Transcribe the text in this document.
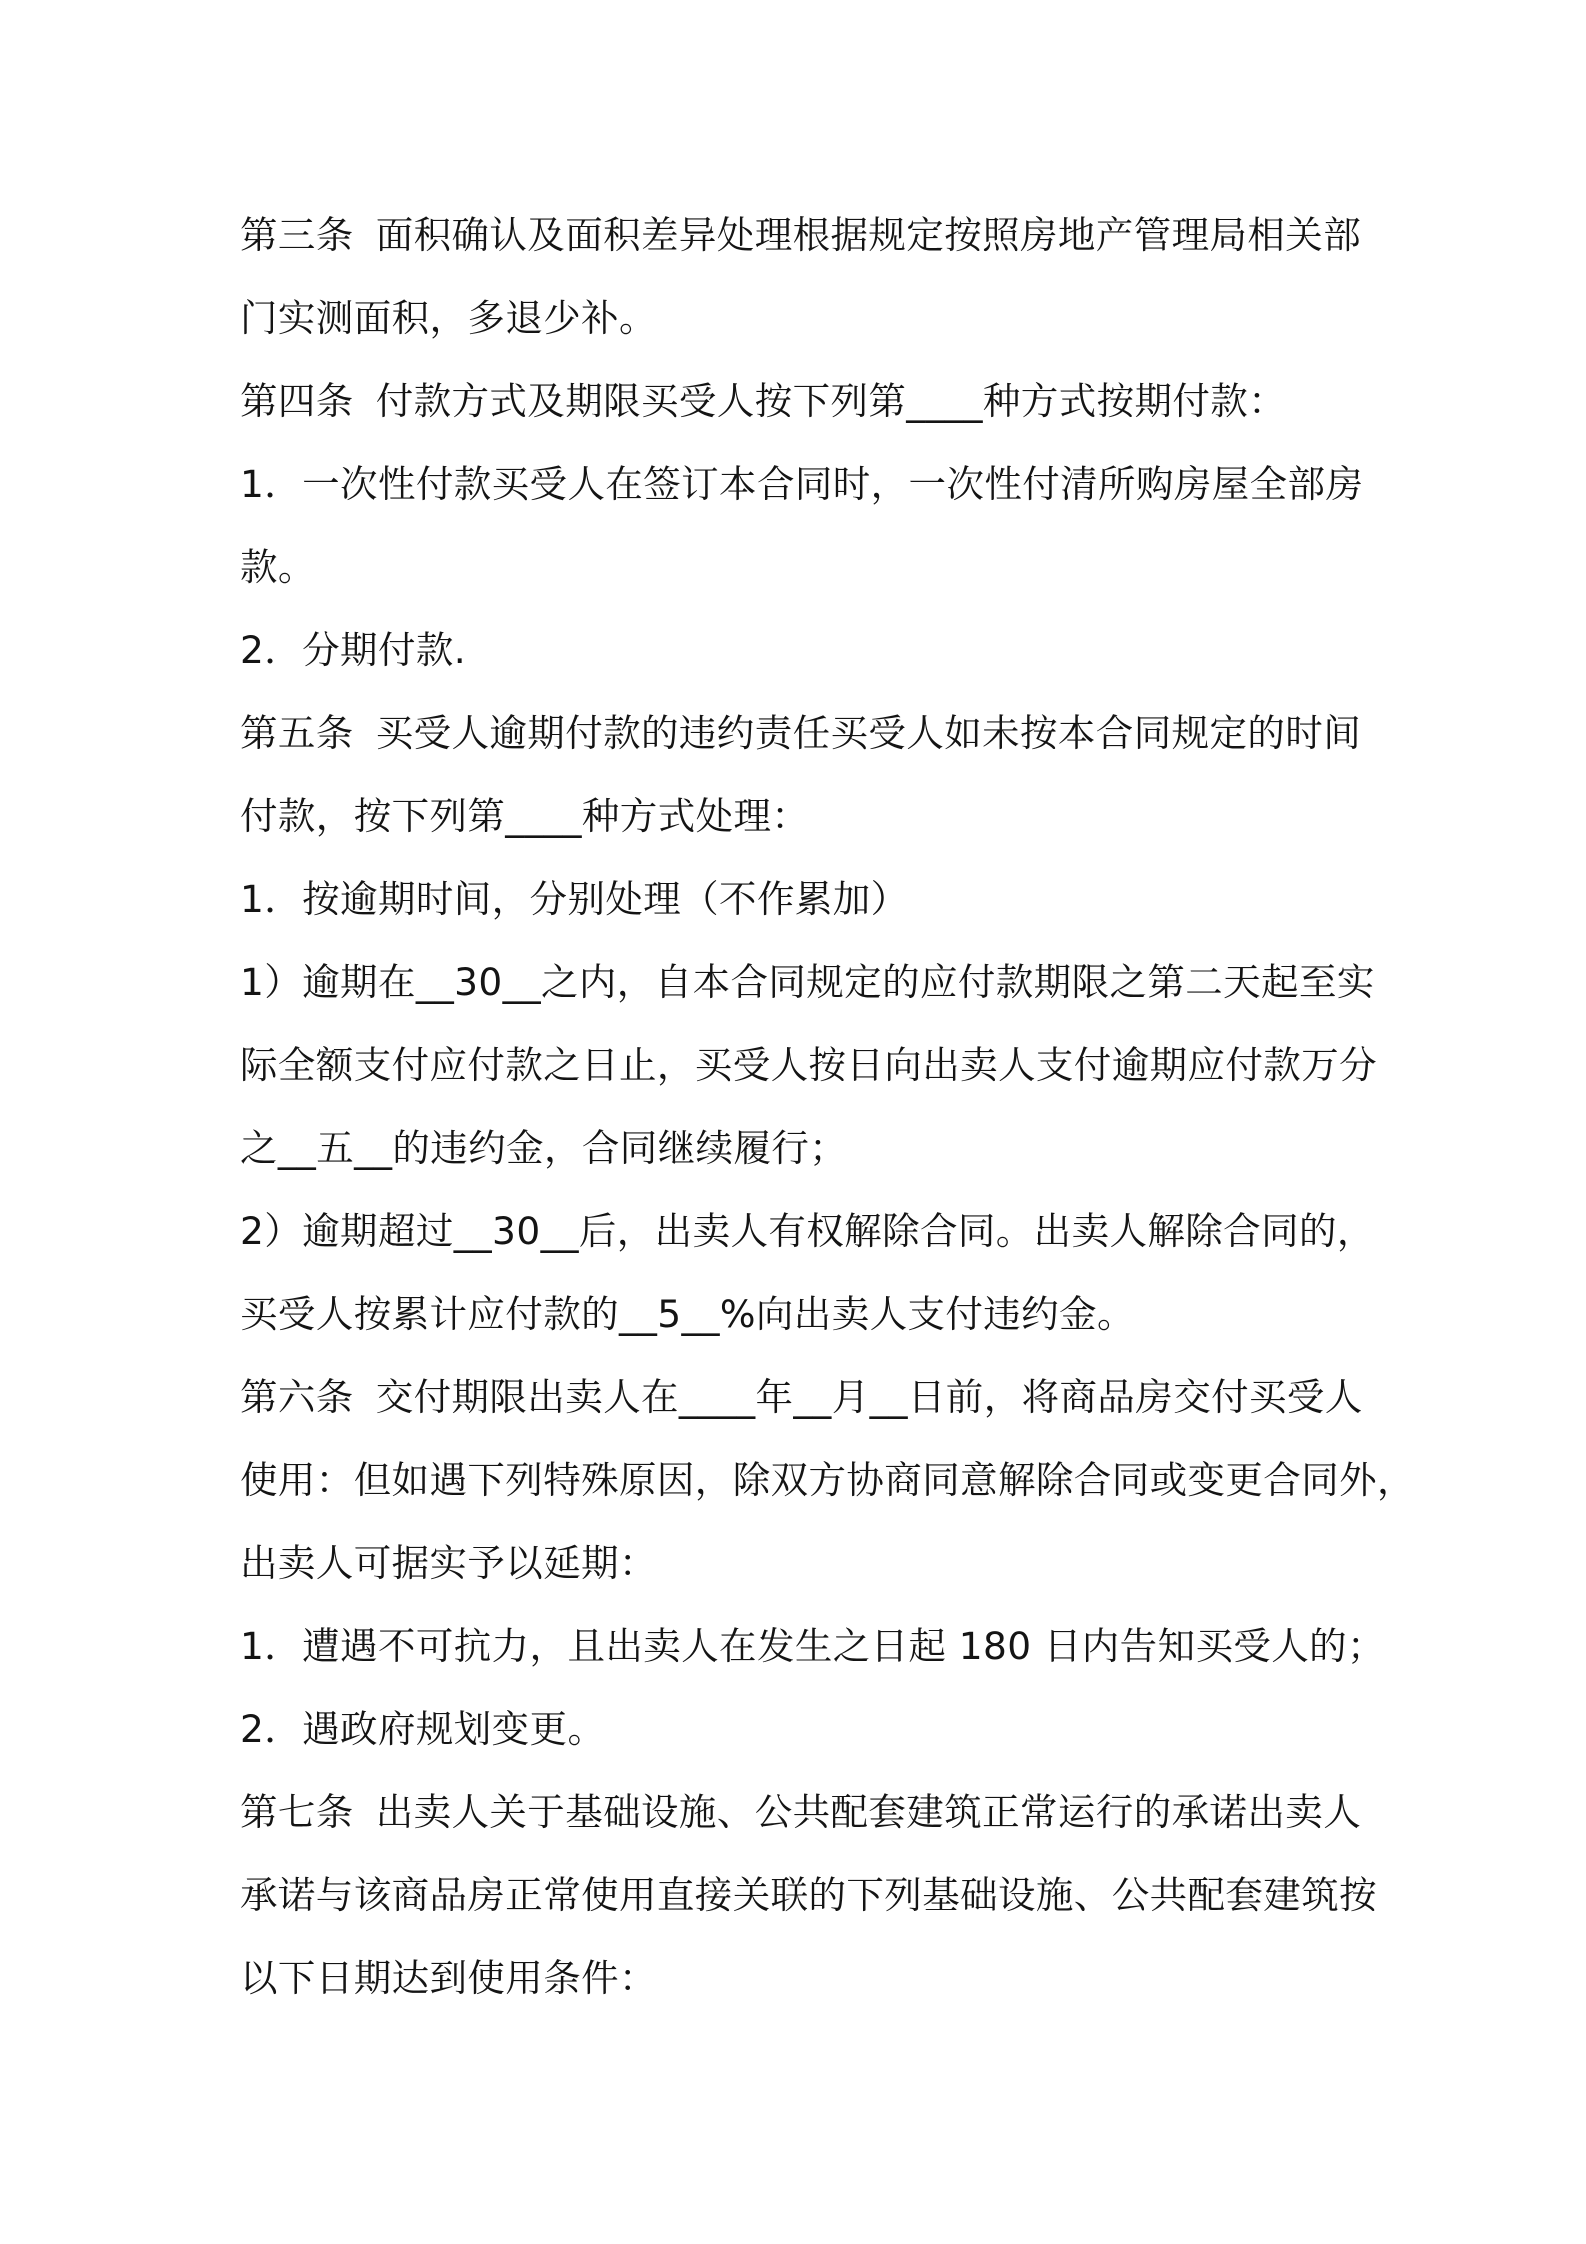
第三条 面积确认及面积差异处理根据规定按照房地产管理局相关部
门实测面积，多退少补。
第四条 付款方式及期限买受人按下列第____种方式按期付款：
1．一次性付款买受人在签订本合同时，一次性付清所购房屋全部房
款。
2．分期付款.
第五条 买受人逾期付款的违约责任买受人如未按本合同规定的时间
付款，按下列第____种方式处理：
1．按逾期时间，分别处理（不作累加）
1）逾期在__30__之内，自本合同规定的应付款期限之第二天起至实
际全额支付应付款之日止，买受人按日向出卖人支付逾期应付款万分
之__五__的违约金，合同继续履行；
2）逾期超过__30__后，出卖人有权解除合同。出卖人解除合同的，
买受人按累计应付款的__5__%向出卖人支付违约金。
第六条 交付期限出卖人在____年__月__日前，将商品房交付买受人
使用：但如遇下列特殊原因，除双方协商同意解除合同或变更合同外，
出卖人可据实予以延期：
1．遭遇不可抗力，且出卖人在发生之日起 180 日内告知买受人的；
2．遇政府规划变更。
第七条 出卖人关于基础设施、公共配套建筑正常运行的承诺出卖人
承诺与该商品房正常使用直接关联的下列基础设施、公共配套建筑按
以下日期达到使用条件：
